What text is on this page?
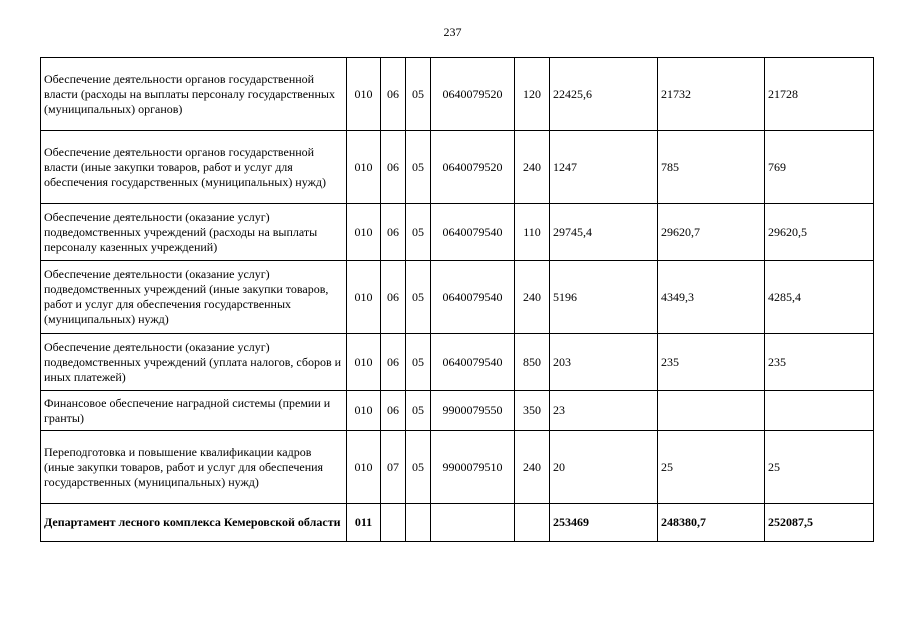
237
Обеспечение деятельности органов государственной власти (расходы на выплаты персоналу государственных (муниципальных) органов)	010	06	05	0640079520	120	22425,6	21732	21728
Обеспечение деятельности органов государственной власти (иные закупки товаров, работ и услуг для обеспечения государственных (муниципальных) нужд)	010	06	05	0640079520	240	1247	785	769
Обеспечение деятельности (оказание услуг) подведомственных учреждений (расходы на выплаты персоналу казенных учреждений)	010	06	05	0640079540	110	29745,4	29620,7	29620,5
Обеспечение деятельности (оказание услуг) подведомственных учреждений (иные закупки товаров, работ и услуг для обеспечения государственных (муниципальных) нужд)	010	06	05	0640079540	240	5196	4349,3	4285,4
Обеспечение деятельности (оказание услуг) подведомственных учреждений (уплата налогов, сборов и иных платежей)	010	06	05	0640079540	850	203	235	235
Финансовое обеспечение наградной системы (премии и гранты)	010	06	05	9900079550	350	23		
Переподготовка и повышение квалификации кадров (иные закупки товаров, работ и услуг для обеспечения государственных (муниципальных) нужд)	010	07	05	9900079510	240	20	25	25
Департамент лесного комплекса Кемеровской области	011					253469	248380,7	252087,5
